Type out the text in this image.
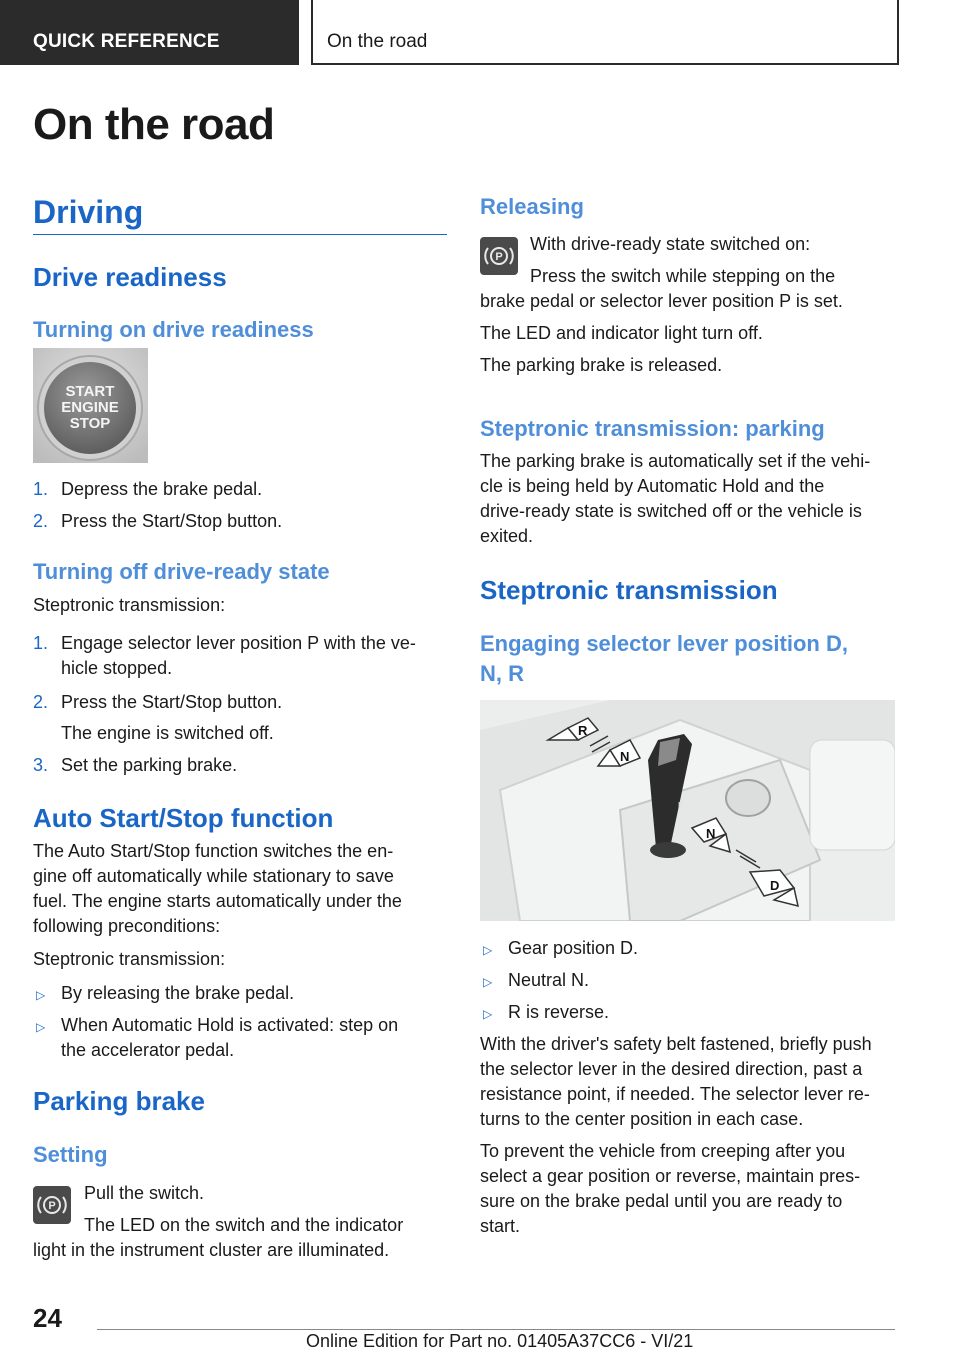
QUICK REFERENCE	On the road
On the road
Driving
Drive readiness
Turning on drive readiness
START
ENGINE
STOP
1. Depress the brake pedal.
2. Press the Start/Stop button.
Turning off drive-ready state

Steptronic transmission:

1. Engage selector lever position P with the ve‐
hicle stopped.
2. Press the Start/Stop button.
The engine is switched off.
3. Set the parking brake.
Auto Start/Stop function

The Auto Start/Stop function switches the en‐

gine off automatically while stationary to save

fuel. The engine starts automatically under the

following preconditions:

Steptronic transmission:

▷ By releasing the brake pedal.
▷ When Automatic Hold is activated: step on
the accelerator pedal.
Parking brake
Setting
P

Pull the switch.

The LED on the switch and the indicator

light in the instrument cluster are illuminated.

Releasing
P

With drive-ready state switched on:

Press the switch while stepping on the

brake pedal or selector lever position P is set.

The LED and indicator light turn off.

The parking brake is released.

Steptronic transmission: parking

The parking brake is automatically set if the vehi‐

cle is being held by Automatic Hold and the

drive-ready state is switched off or the vehicle is

exited.

Steptronic transmission
Engaging selector lever position D,
N, R
R
N
N
D
F
▷ Gear position D.
▷ Neutral N.
▷ R is reverse.

With the driver's safety belt fastened, briefly push

the selector lever in the desired direction, past a

resistance point, if needed. The selector lever re‐

turns to the center position in each case.

To prevent the vehicle from creeping after you

select a gear position or reverse, maintain pres‐

sure on the brake pedal until you are ready to

start.

24

Online Edition for Part no. 01405A37CC6 - VI/21
